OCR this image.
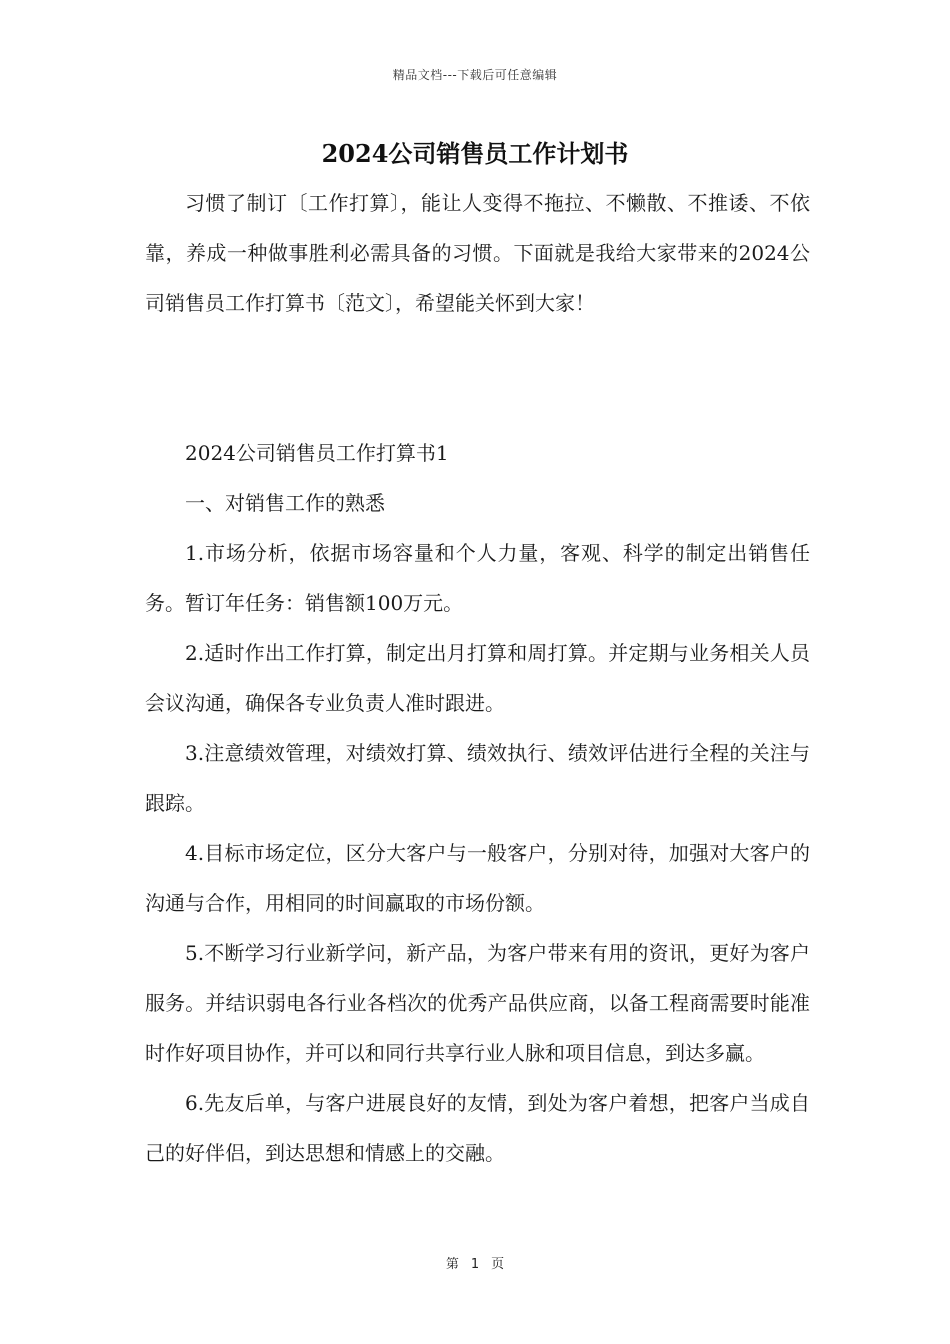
精品文档---下载后可任意编辑
2024公司销售员工作计划书

习惯了制订〔工作打算〕，能让人变得不拖拉、不懒散、不推诿、不依靠，养成一种做事胜利必需具备的习惯。下面就是我给大家带来的2024公司销售员工作打算书〔范文〕，希望能关怀到大家！

2024公司销售员工作打算书1

一、对销售工作的熟悉

1.市场分析，依据市场容量和个人力量，客观、科学的制定出销售任务。暂订年任务：销售额100万元。

2.适时作出工作打算，制定出月打算和周打算。并定期与业务相关人员会议沟通，确保各专业负责人准时跟进。

3.注意绩效管理，对绩效打算、绩效执行、绩效评估进行全程的关注与跟踪。

4.目标市场定位，区分大客户与一般客户，分别对待，加强对大客户的沟通与合作，用相同的时间赢取的市场份额。

5.不断学习行业新学问，新产品，为客户带来有用的资讯，更好为客户服务。并结识弱电各行业各档次的优秀产品供应商，以备工程商需要时能准时作好项目协作，并可以和同行共享行业人脉和项目信息，到达多赢。

6.先友后单，与客户进展良好的友情，到处为客户着想，把客户当成自己的好伴侣，到达思想和情感上的交融。

第 1 页
